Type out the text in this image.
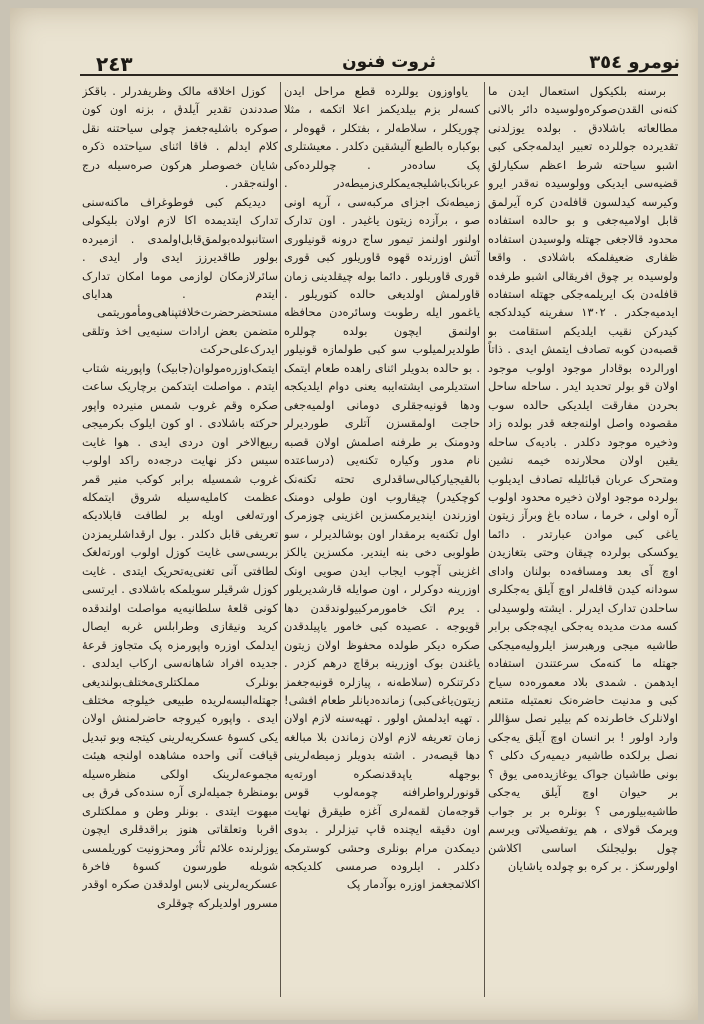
٢٤٣	ثروت فنون	نومرو ٣٥٤

برسنه بلکیکول استعمال ایدن ما کنه‌نی القدن‌صوکره‌ولوسیده دائر بالانی مطالعاته باشلادق . بولده یوزلدنی تقدیرده جوللرده تعبیر ایدلمه‌جکی کبی اشبو سیاحته شرط اعظم سکیارلق قضیه‌سی ایدیکی وولوسیده نه‌قدر ایرو وکیرسه کیدلسون قافله‌دن کره آیرلمق قابل اولامیه‌جغی و بو حالده استفاده محدود قالاجغی جهتله ولوسیدن استفاده ظفاری ضعیفلمکه باشلادی . واقعا ولوسیده بر چوق افریقالی اشبو طرفده قافله‌دن بک ایریلمه‌جکی جهتله استفاده ایدمیه‌جکدر . ١٣٠٢ سفرینه کیدلدکجه کیدرکن نقیب ایلدیکم استقامت بو قصبه‌دن کوبه تصادف ایتمش ایدی . ذاتاً اورالرده بوقادار موجود اولوب موجود اولان قو بولر تحدید ایدر . ساحله ساحل بحردن مفارقت ایلدیکی حالده سوب مقصوده واصل اولنه‌جغه قدر بولده زاد وذخیره موجود دکلدر . بادیه‌ک ساحله یقین اولان محلارنده خیمه نشین ومتحرک عربان قبائلیله تصادف ایدیلوب بولرده موجود اولان ذخیره محدود اولوب آره اولی ، خرما ، ساده باغ وبرآز زیتون یاغی کبی موادن عبارتدر . دائما یوکسکی بولرده چیقان وحتی بتغازیدن اوچ آی بعد ومسافه‌ده بولنان وادای سودانه کیدن قافله‌لر اوچ آیلق یه‌جکلری ساحلدن تدارک ایدرلر . ایشته ولوسیدلی کسه مدت مدیده یه‌جکی ایچه‌جکی برابر طاشیه میجی ورهبرسز ایلرولیه‌میجکی جهتله ما کنه‌مک سرعتندن استفاده ایدهمن . شمدی بلاد معموره‌ده سیاح کبی و مدنیت حاضره‌نک نعمتیله متنعم اولانلرک خاطرنده کم بیلیر نصل سؤاللر وارد اولور ! بر انسان اوچ آیلق یه‌جکی نصل برلکده طاشیه‌ر دیمیه‌رک دکلی ؟ بونی طاشیان جواک یوغازیده‌می یوق ؟ بر حیوان اوچ آیلق یه‌جکی طاشیه‌بیلورمی ؟ بونلره بر بر جواب ویرمک قولای ، هم یوتفصیلاتی ویرسم چول بولیجلنک اساسی اکلاشن اولورسکز . بر کره بو چولده یاشایان

یاواوزون یوللرده قطع مراحل ایدن کسه‌لر بزم بیلدیکمز اعلا اتکمه ، مثلا چوریکلر ، سلاطه‌لر ، بفتکلر ، قهوه‌لر ، بوکباره بالطبع آلیشقین دکلدر . معیشتلری پک ساده‌در . چوللرده‌کی عربانک‌باشلیجه‌یمکلری‌زمیطه‌در . زمیطه‌نک اجزای مرکبه‌سی ، آرپه اونی صو ، برآزده زیتون یاغیدر . اون تدارک اولنور اولنمز تیمور ساج درونه قونیلوری آتش اوزرنده قهوه قاوریلور کبی قوری قوری قاوریلور . دائما بوله چیقلدینی زمان قاورلمش اولدیغی حالده کتوریلور . یاغمور ایله رطوبت وسائره‌دن محافظه اولنمق ایچون بولده چوللره طولدیرلمیلوب سو کبی طولمازه قونیلور . بو حالده بدویلر اثنای راهده طعام ایتمک استدیلرمی ایشته‌ایبه یعنی دوام ایلدیکجه ودها قونیه‌جقلری دومانی اولمیه‌جغی حاجت اولمقسزن آتلری طوردیرلر ودومنک بر طرفنه اصلمش اولان قصبه نام مدور وکیاره تکنه‌یی (درساعتده بالقیجیارکیالی‌ساقدلری تحته تکنه‌نک کوچکیدر) چیقاروب اون طولی دومنک اوزرندن ایندیرمکسزین اغزینی چوزمرک اول تکنه‌یه برمقدار اون بوشالدیرلر ، سو طولوبی دخی بنه ایندیر. مکسزین یالکز اغزینی آچوب ایجاب ایدن صویی اونک اوزرینه دوکرلر ، اون صوایله قارشدیریلور . یرم اتک خامورمرکبیولوندقدن دها قویوجه . عصیده کبی خامور یاپیلدقدن صکره دیکر طولده محفوظ اولان زیتون یاغندن بوک اوزرینه برقاچ درهم کزدر . دکرتنکره (سلاطه‌نه ، پیازلره قونیه‌جغمز زیتون‌یاغی‌کبی) زمانده‌دیانلر طعام افشی! . تهیه ایدلمش اولور . تهیه‌سنه لازم اولان زمان تعریفه لازم اولان زماندن بلا مبالغه دها قیصه‌در . اشته بدویلر زمیطه‌لرینی بوجهله یاپدقدنصکره اورته‌یه قونورلرواطرافنه چومه‌لوب قوس قوجه‌مان لقمه‌لری آغزه طیقرق نهایت اون دقیقه ایچنده قاپ تیزلرلر . بدوی دیمکدن مرام بونلری وحشی کوسترمک دکلدر . ایلروده صرمسی کلدیکجه اکلاتمجغمز اوزره بوآدمار پک

کوزل اخلاقه مالک وظریفدرلر . باقکز صددندن تقدیر آیلدق ، بزنه اون کون صوکره باشلیه‌جغمز چولی سیاحتنه نقل کلام ایدلم . فاقا اثنای سیاحتده ذکره شایان خصوصلر هرکون صره‌سیله درج اولنه‌جقدر .

دیدیکم کبی فوطوغراف ماکنه‌سنی تدارک ایتدیمده اکا لازم اولان بلیکولی استانبولده‌بولمق‌قابل‌اولمدی . ازمیرده بولور طاقدیرزز ایدی وار ایدی . سائرلازمکان لوازمی موما امکان تدارک ایتدم . هدایای مستحضر‌حضرت‌خلافتپناهی‌ومأموریتمی متضمن بعض ارادات سنیه‌یی اخذ وتلقی ایدرک‌علی‌حرکت ایتمک‌اوزره‌مولوان(جابیک) واپورینه شتاب ایتدم . مواصلت ایتدکمن برچاریک ساعت صکره وقم غروب شمس منیرده واپور حرکته باشلادی . او کون ایلوک بکرمیجی ربیع‌الاخر اون دردی ایدی . هوا غایت سیس دکز نهایت درجه‌ده راکد اولوب غروب شمسیله برابر کوکب منیر قمر عظمت کاملیه‌سیله شروق ایتمکله اورته‌لغی اویله بر لطافت قابلادیکه تعریفی قابل دکلدر . بول ارقداشلریمزدن بریسی‌سی غایت کوزل اولوب اورته‌لغک لطافتی آنی تغنی‌یه‌تحریک ایتدی . غایت کوزل شرقیلر سویلمکه باشلادی . ایرتسی کونی قلعهٔ سلطانیه‌یه مواصلت اولندقده کرید ونیقازی وطرابلس غربه ایصال ایدلمک اوزره واپورمزه پک متجاوز قرعهٔ جدیده افراد شاهانه‌سی ارکاب ایدلدی . بونلرک مملکتلری‌مختلف‌بولندیغی جهتله‌البسه‌لریده طبیعی خیلوجه مختلف ایدی . واپوره کیروجه حاضرلمنش اولان یکی کسوهٔ عسکریه‌لرینی کیتجه وبو تبدیل قیافت آنی واحده مشاهده اولنجه هیئت مجموعه‌لرینک اولکی منظره‌سیله بومنظرهٔ جمیله‌لری آره سنده‌کی فرق بی مبهوت ایتدی . بونلر وطن و مملکتلری اقربا وتعلقاتی هنوز براقدقلری ایچون یوزلرنده علائم تأثر ومحزونیت کوریلمسی‌ شوبله طورسون کسوهٔ فاخرهٔ عسکریه‌لرینی لابس اولدقدن صکره اوقدر مسرور اولدیلرکه چوقلری
